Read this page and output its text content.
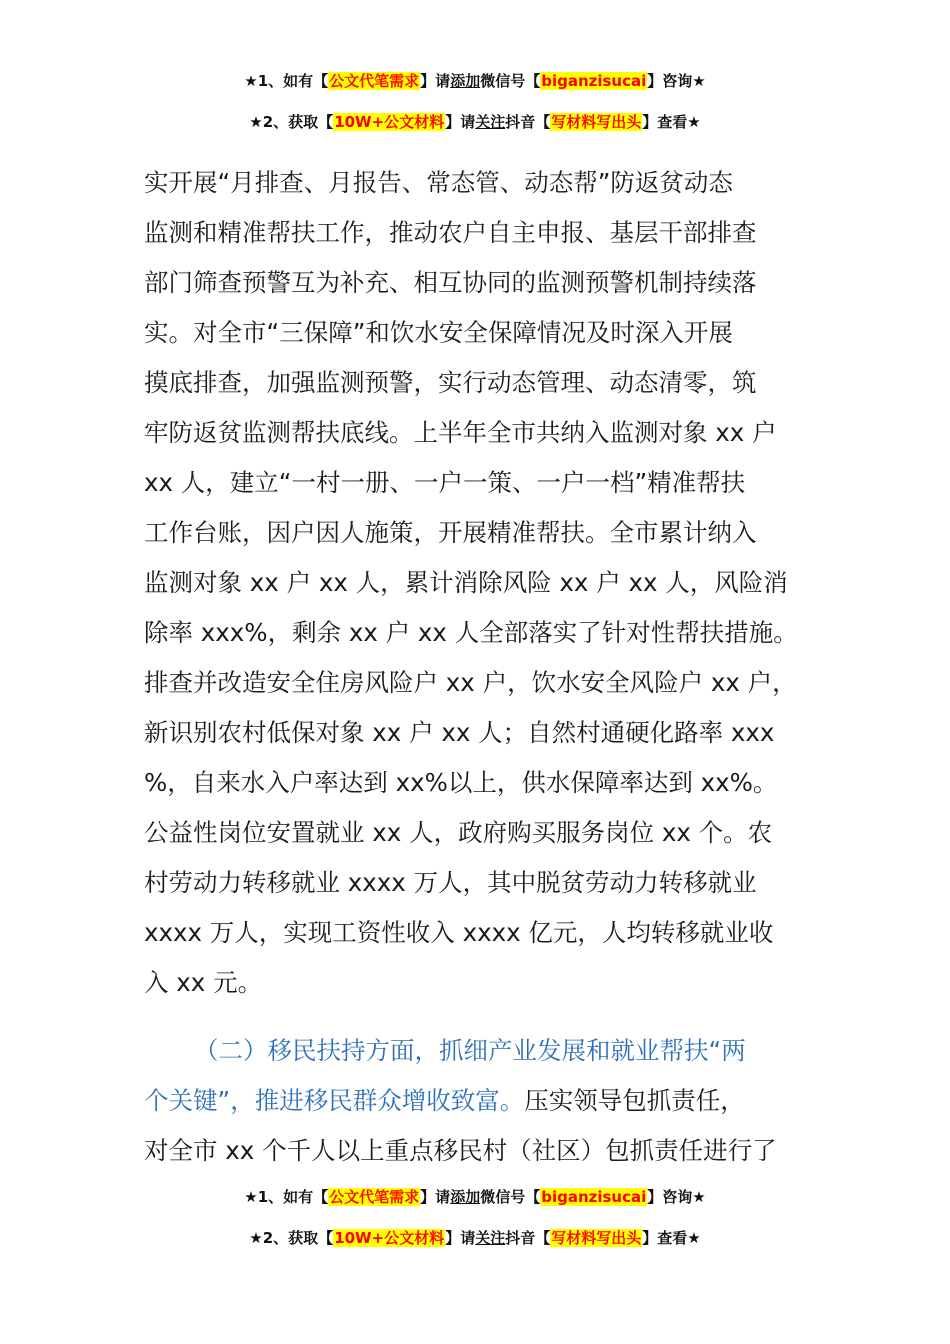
★1、如有【公文代笔需求】请添加微信号【biganzisucai】咨询★
★2、获取【10W+公文材料】请关注抖音【写材料写出头】查看★
实开展“月排查、月报告、常态管、动态帮”防返贫动态
监测和精准帮扶工作，推动农户自主申报、基层干部排查
部门筛查预警互为补充、相互协同的监测预警机制持续落
实。对全市“三保障”和饮水安全保障情况及时深入开展
摸底排查，加强监测预警，实行动态管理、动态清零，筑
牢防返贫监测帮扶底线。上半年全市共纳入监测对象 xx 户
xx 人，建立“一村一册、一户一策、一户一档”精准帮扶
工作台账，因户因人施策，开展精准帮扶。全市累计纳入
监测对象 xx 户 xx 人，累计消除风险 xx 户 xx 人，风险消
除率 xxx%，剩余 xx 户 xx 人全部落实了针对性帮扶措施。
排查并改造安全住房风险户 xx 户，饮水安全风险户 xx 户，
新识别农村低保对象 xx 户 xx 人；自然村通硬化路率 xxx
%，自来水入户率达到 xx%以上，供水保障率达到 xx%。
公益性岗位安置就业 xx 人，政府购买服务岗位 xx 个。农
村劳动力转移就业 xxxx 万人，其中脱贫劳动力转移就业
xxxx 万人，实现工资性收入 xxxx 亿元，人均转移就业收
入 xx 元。
（二）移民扶持方面，抓细产业发展和就业帮扶“两
个关键”，推进移民群众增收致富。压实领导包抓责任，
对全市 xx 个千人以上重点移民村（社区）包抓责任进行了
★1、如有【公文代笔需求】请添加微信号【biganzisucai】咨询★
★2、获取【10W+公文材料】请关注抖音【写材料写出头】查看★
